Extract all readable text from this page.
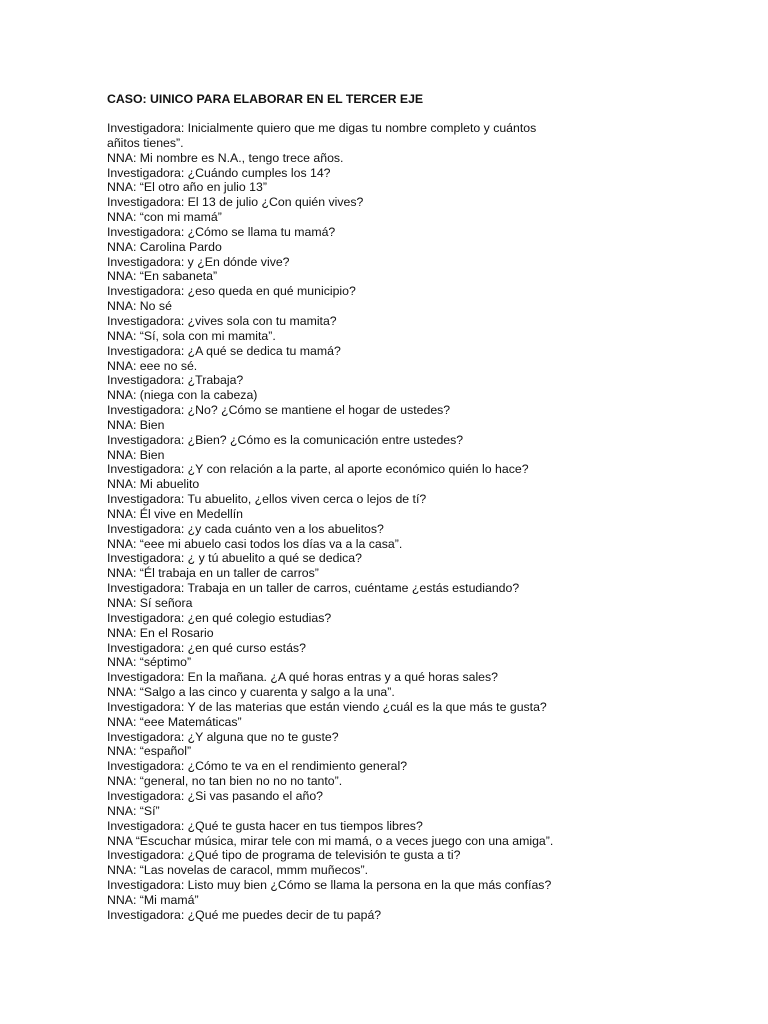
CASO: UINICO PARA ELABORAR EN EL TERCER EJE
Investigadora: Inicialmente quiero que me digas tu nombre completo y cuántos
añitos tienes”.
NNA: Mi nombre es N.A., tengo trece años.
Investigadora: ¿Cuándo cumples los 14?
NNA: “El otro año en julio 13”
Investigadora: El 13 de julio ¿Con quién vives?
NNA: “con mi mamá”
Investigadora: ¿Cómo se llama tu mamá?
NNA: Carolina Pardo
Investigadora: y ¿En dónde vive?
NNA: “En sabaneta”
Investigadora: ¿eso queda en qué municipio?
NNA: No sé
Investigadora: ¿vives sola con tu mamita?
NNA: “Sí, sola con mi mamita”.
Investigadora: ¿A qué se dedica tu mamá?
NNA: eee no sé.
Investigadora: ¿Trabaja?
NNA: (niega con la cabeza)
Investigadora: ¿No? ¿Cómo se mantiene el hogar de ustedes?
NNA: Bien
Investigadora: ¿Bien? ¿Cómo es la comunicación entre ustedes?
NNA: Bien
Investigadora: ¿Y con relación a la parte, al aporte económico quién lo hace?
NNA: Mi abuelito
Investigadora: Tu abuelito, ¿ellos viven cerca o lejos de tí?
NNA: Él vive en Medellín
Investigadora: ¿y cada cuánto ven a los abuelitos?
NNA: “eee mi abuelo casi todos los días va a la casa”.
Investigadora: ¿ y tú abuelito a qué se dedica?
NNA: “Él trabaja en un taller de carros”
Investigadora: Trabaja en un taller de carros, cuéntame ¿estás estudiando?
NNA: Sí señora
Investigadora: ¿en qué colegio estudias?
NNA: En el Rosario
Investigadora: ¿en qué curso estás?
NNA: “séptimo”
Investigadora: En la mañana. ¿A qué horas entras y a qué horas sales?
NNA: “Salgo a las cinco y cuarenta y salgo a la una”.
Investigadora: Y de las materias que están viendo ¿cuál es la que más te gusta?
NNA: “eee Matemáticas”
Investigadora: ¿Y alguna que no te guste?
NNA: “español”
Investigadora: ¿Cómo te va en el rendimiento general?
NNA: “general, no tan bien no no no tanto”.
Investigadora: ¿Si vas pasando el año?
NNA: “Sí”
Investigadora: ¿Qué te gusta hacer en tus tiempos libres?
NNA “Escuchar música, mirar tele con mi mamá, o a veces juego con una amiga”.
Investigadora: ¿Qué tipo de programa de televisión te gusta a ti?
NNA: “Las novelas de caracol, mmm muñecos”.
Investigadora: Listo muy bien ¿Cómo se llama la persona en la que más confías?
NNA: “Mi mamá”
Investigadora: ¿Qué me puedes decir de tu papá?
